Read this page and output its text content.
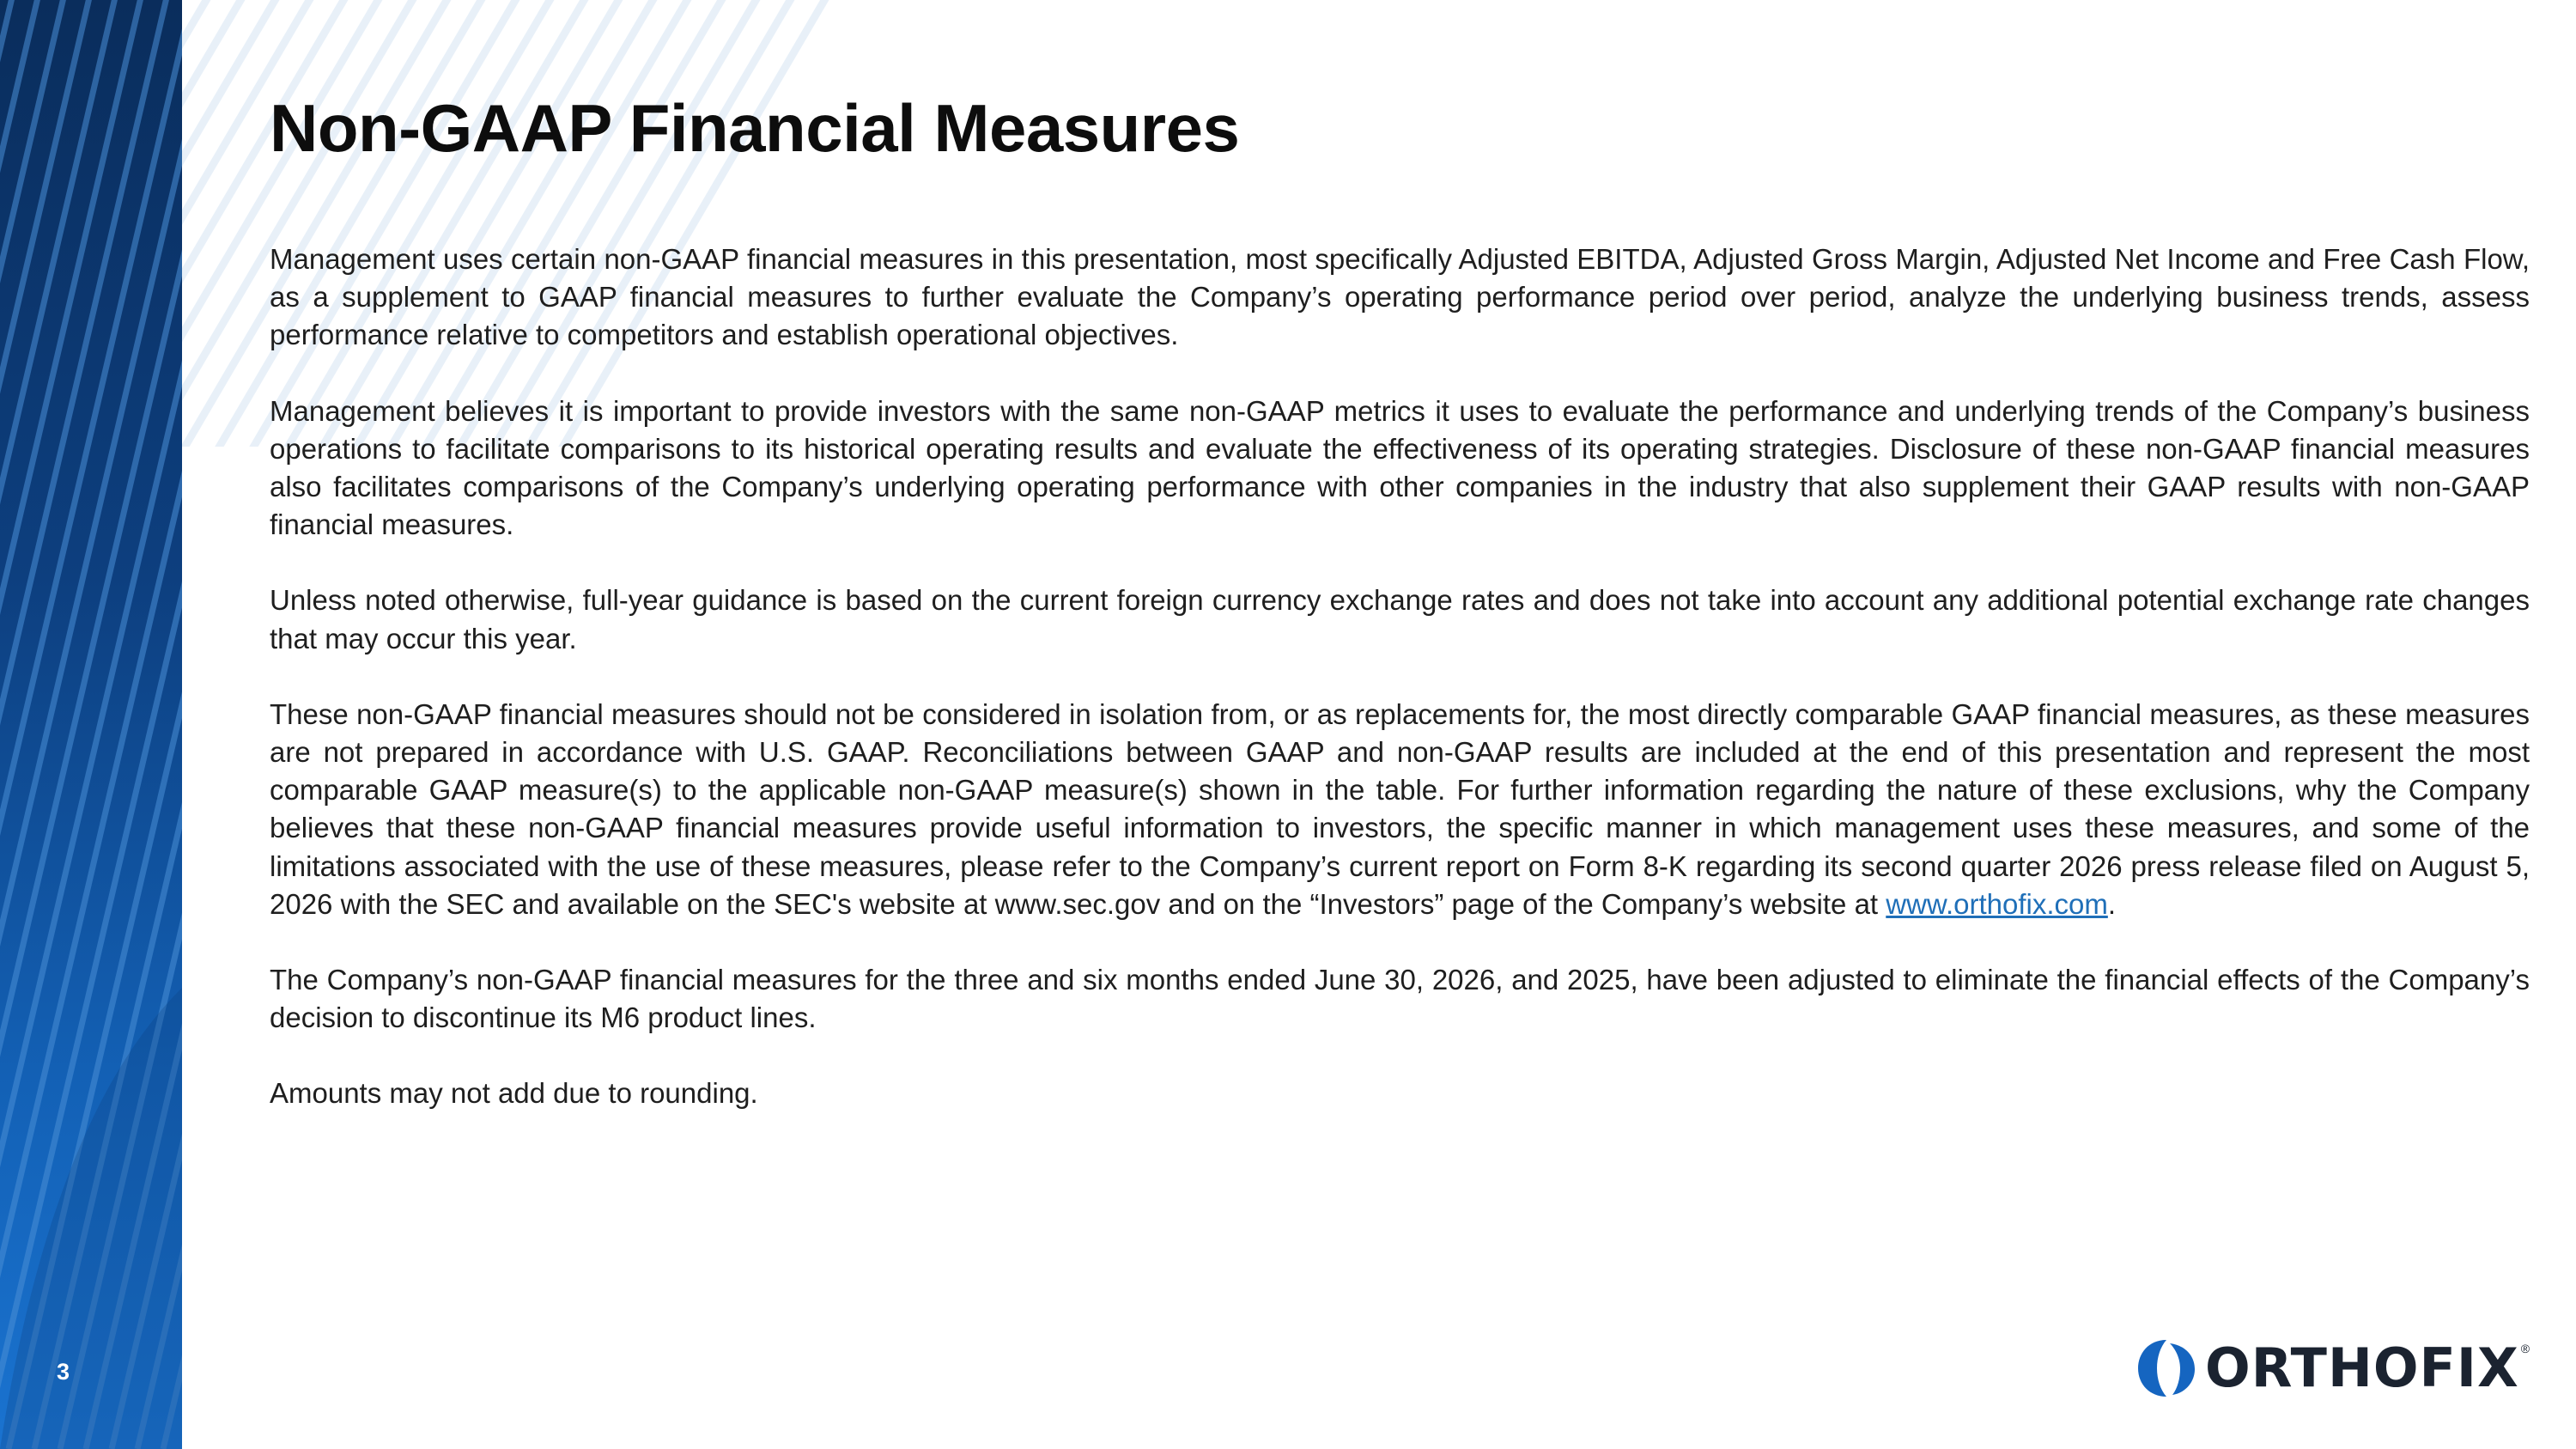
3
Non-GAAP Financial Measures

Management uses certain non-GAAP financial measures in this presentation, most specifically Adjusted EBITDA, Adjusted Gross Margin, Adjusted Net Income and Free Cash Flow, as a supplement to GAAP financial measures to further evaluate the Company’s operating performance period over period, analyze the underlying business trends, assess performance relative to competitors and establish operational objectives.

Management believes it is important to provide investors with the same non-GAAP metrics it uses to evaluate the performance and underlying trends of the Company’s business operations to facilitate comparisons to its historical operating results and evaluate the effectiveness of its operating strategies. Disclosure of these non-GAAP financial measures also facilitates comparisons of the Company’s underlying operating performance with other companies in the industry that also supplement their GAAP results with non-GAAP financial measures.

Unless noted otherwise, full-year guidance is based on the current foreign currency exchange rates and does not take into account any additional potential exchange rate changes that may occur this year.

These non-GAAP financial measures should not be considered in isolation from, or as replacements for, the most directly comparable GAAP financial measures, as these measures are not prepared in accordance with U.S. GAAP. Reconciliations between GAAP and non-GAAP results are included at the end of this presentation and represent the most comparable GAAP measure(s) to the applicable non-GAAP measure(s) shown in the table. For further information regarding the nature of these exclusions, why the Company believes that these non-GAAP financial measures provide useful information to investors, the specific manner in which management uses these measures, and some of the limitations associated with the use of these measures, please refer to the Company’s current report on Form 8-K regarding its second quarter 2026 press release filed on August 5, 2026 with the SEC and available on the SEC's website at www.sec.gov and on the “Investors” page of the Company’s website at www.orthofix.com.

The Company’s non-GAAP financial measures for the three and six months ended June 30, 2026, and 2025, have been adjusted to eliminate the financial effects of the Company’s decision to discontinue its M6 product lines.

Amounts may not add due to rounding.

ORTHOFIX ®
